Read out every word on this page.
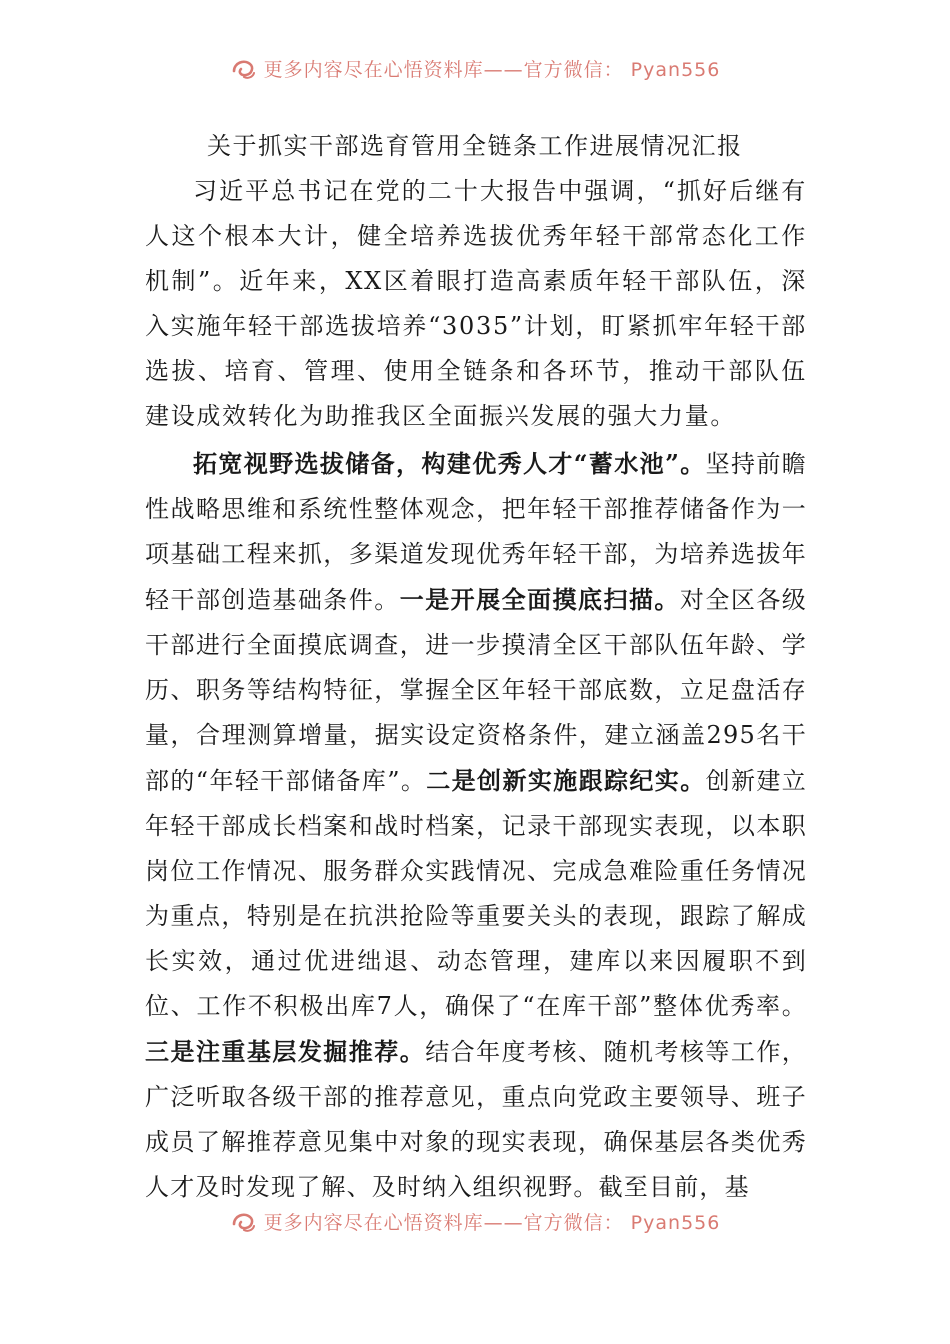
更多内容尽在心悟资料库——官方微信： Pyan556
关于抓实干部选育管用全链条工作进展情况汇报

习近平总书记在党的二十大报告中强调，“抓好后继有人这个根本大计，健全培养选拔优秀年轻干部常态化工作机制”。近年来，XX区着眼打造高素质年轻干部队伍，深入实施年轻干部选拔培养“3035”计划，盯紧抓牢年轻干部选拔、培育、管理、使用全链条和各环节，推动干部队伍建设成效转化为助推我区全面振兴发展的强大力量。

拓宽视野选拔储备，构建优秀人才“蓄水池”。坚持前瞻性战略思维和系统性整体观念，把年轻干部推荐储备作为一项基础工程来抓，多渠道发现优秀年轻干部，为培养选拔年轻干部创造基础条件。一是开展全面摸底扫描。对全区各级干部进行全面摸底调查，进一步摸清全区干部队伍年龄、学历、职务等结构特征，掌握全区年轻干部底数，立足盘活存量，合理测算增量，据实设定资格条件，建立涵盖295名干部的“年轻干部储备库”。二是创新实施跟踪纪实。创新建立年轻干部成长档案和战时档案，记录干部现实表现，以本职岗位工作情况、服务群众实践情况、完成急难险重任务情况为重点，特别是在抗洪抢险等重要关头的表现，跟踪了解成长实效，通过优进绌退、动态管理，建库以来因履职不到位、工作不积极出库7人，确保了“在库干部”整体优秀率。三是注重基层发掘推荐。结合年度考核、随机考核等工作，广泛听取各级干部的推荐意见，重点向党政主要领导、班子成员了解推荐意见集中对象的现实表现，确保基层各类优秀人才及时发现了解、及时纳入组织视野。截至目前，基

更多内容尽在心悟资料库——官方微信： Pyan556
